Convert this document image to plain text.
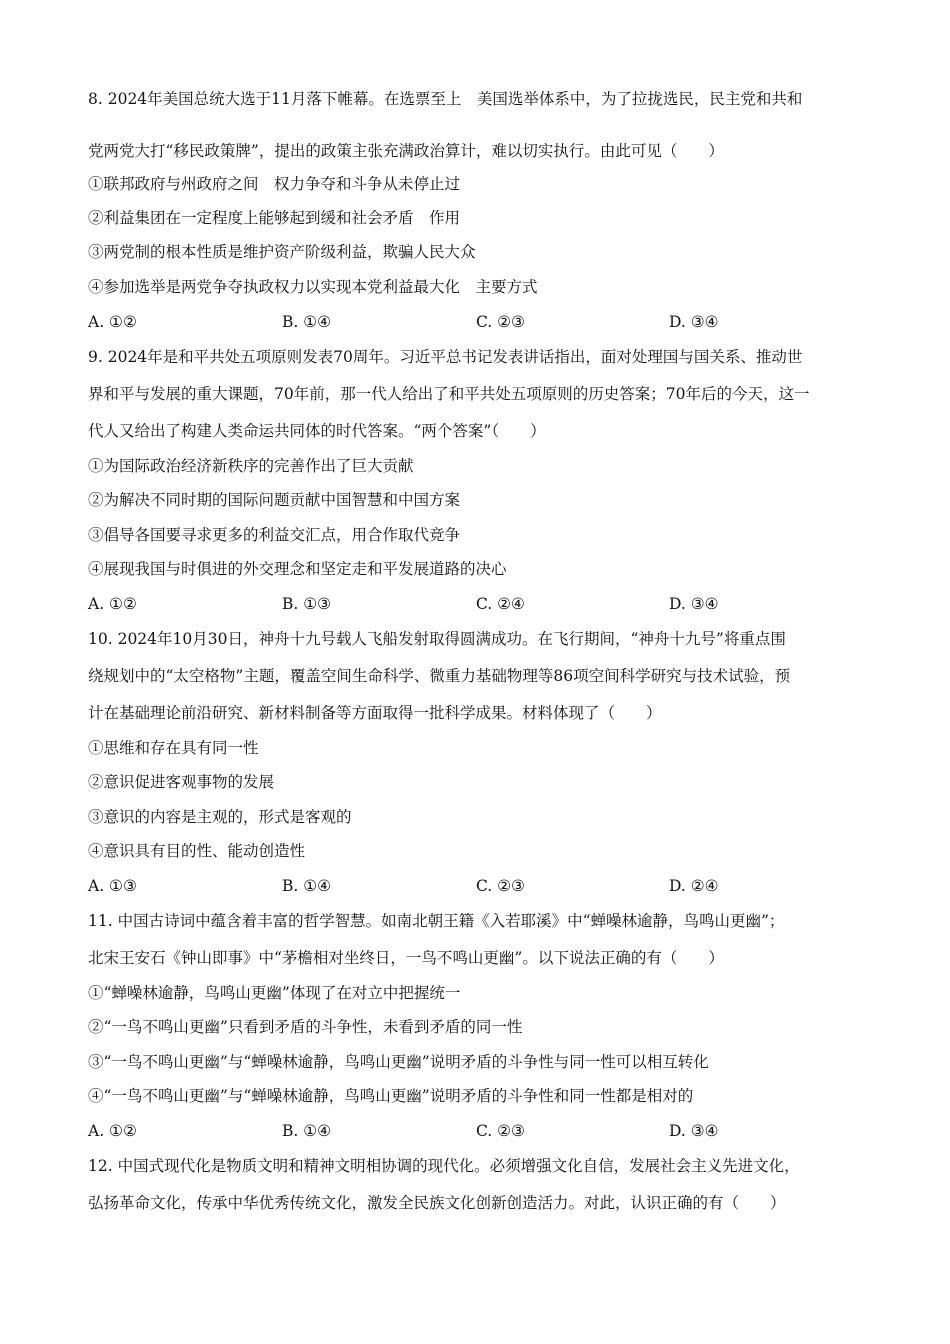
8. 2024年美国总统大选于11月落下帷幕。在选票至上　美国选举体系中，为了拉拢选民，民主党和共和
党两党大打“移民政策牌”，提出的政策主张充满政治算计，难以切实执行。由此可见（　　）
①联邦政府与州政府之间　权力争夺和斗争从未停止过
②利益集团在一定程度上能够起到缓和社会矛盾　作用
③两党制的根本性质是维护资产阶级利益，欺骗人民大众
④参加选举是两党争夺执政权力以实现本党利益最大化　主要方式
A. ①②	B. ①④	C. ②③	D. ③④
9. 2024年是和平共处五项原则发表70周年。习近平总书记发表讲话指出，面对处理国与国关系、推动世
界和平与发展的重大课题，70年前，那一代人给出了和平共处五项原则的历史答案；70年后的今天，这一
代人又给出了构建人类命运共同体的时代答案。“两个答案”（　　）
①为国际政治经济新秩序的完善作出了巨大贡献
②为解决不同时期的国际问题贡献中国智慧和中国方案
③倡导各国要寻求更多的利益交汇点，用合作取代竞争
④展现我国与时俱进的外交理念和坚定走和平发展道路的决心
A. ①②	B. ①③	C. ②④	D. ③④
10. 2024年10月30日，神舟十九号载人飞船发射取得圆满成功。在飞行期间，“神舟十九号”将重点围
绕规划中的“太空格物”主题，覆盖空间生命科学、微重力基础物理等86项空间科学研究与技术试验，预
计在基础理论前沿研究、新材料制备等方面取得一批科学成果。材料体现了（　　）
①思维和存在具有同一性
②意识促进客观事物的发展
③意识的内容是主观的，形式是客观的
④意识具有目的性、能动创造性
A. ①③	B. ①④	C. ②③	D. ②④
11. 中国古诗词中蕴含着丰富的哲学智慧。如南北朝王籍《入若耶溪》中“蝉噪林逾静，鸟鸣山更幽”；
北宋王安石《钟山即事》中“茅檐相对坐终日，一鸟不鸣山更幽”。以下说法正确的有（　　）
①“蝉噪林逾静，鸟鸣山更幽”体现了在对立中把握统一
②“一鸟不鸣山更幽”只看到矛盾的斗争性，未看到矛盾的同一性
③“一鸟不鸣山更幽”与“蝉噪林逾静，鸟鸣山更幽”说明矛盾的斗争性与同一性可以相互转化
④“一鸟不鸣山更幽”与“蝉噪林逾静，鸟鸣山更幽”说明矛盾的斗争性和同一性都是相对的
A. ①②	B. ①④	C. ②③	D. ③④
12. 中国式现代化是物质文明和精神文明相协调的现代化。必须增强文化自信，发展社会主义先进文化，
弘扬革命文化，传承中华优秀传统文化，激发全民族文化创新创造活力。对此，认识正确的有（　　）
